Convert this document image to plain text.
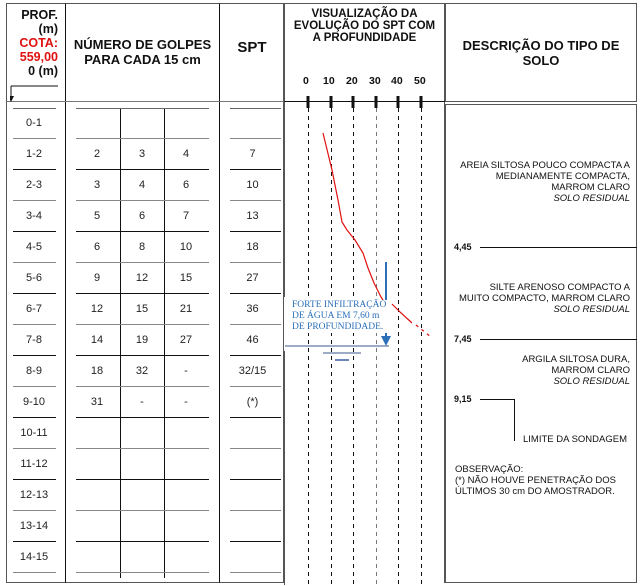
PROF.
(m)
COTA:
559,00
0 (m)
NÚMERO DE GOLPES
PARA CADA 15 cm
SPT
VISUALIZAÇÃO DA
EVOLUÇÃO DO SPT COM
A PROFUNDIDADE
0 10 20 30 40 50
DESCRIÇÃO DO TIPO DE
SOLO
FORTE INFILTRAÇÃO
DE ÁGUA EM 7,60 m
DE PROFUNDIDADE.
0-1
1-2	2	3	4	7
2-3	3	4	6	10
3-4	5	6	7	13
4-5	6	8	10	18
5-6	9	12	15	27
6-7	12	15	21	36
7-8	14	19	27	46
8-9	18	32	-	32/15
9-10	31	-	-	(*)
10-11
11-12
12-13
13-14
14-15
AREIA SILTOSA POUCO COMPACTA A
MEDIANAMENTE COMPACTA,
MARROM CLARO
SOLO RESIDUAL
4,45
SILTE ARENOSO COMPACTO A
MUITO COMPACTO, MARROM CLARO
SOLO RESIDUAL
7,45
ARGILA SILTOSA DURA,
MARROM CLARO
SOLO RESIDUAL
9,15
LIMITE DA SONDAGEM
OBSERVAÇÃO:
(*) NÃO HOUVE PENETRAÇÃO DOS
ÚLTIMOS 30 cm DO AMOSTRADOR.
